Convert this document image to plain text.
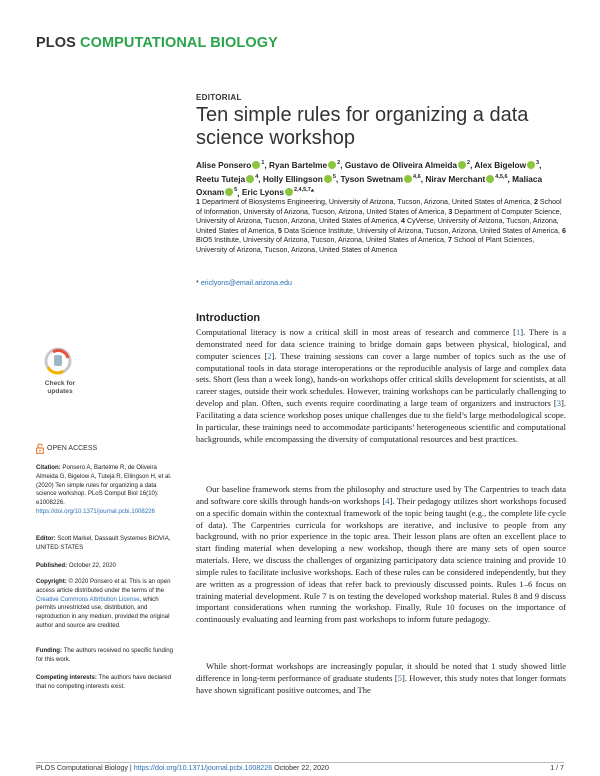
PLOS COMPUTATIONAL BIOLOGY
EDITORIAL
Ten simple rules for organizing a data science workshop
Alise Ponsero $^1$, Ryan Bartelme $^2$, Gustavo de Oliveira Almeida $^2$, Alex Bigelow $^3$, Reetu Tuteja $^4$, Holly Ellingson $^5$, Tyson Swetnam $^{4,6}$, Nirav Merchant $^{4,5,6}$, Maliaca Oxnam $^5$, Eric Lyons $^{2,4,5,7}$*
1 Department of Biosystems Engineering, University of Arizona, Tucson, Arizona, United States of America, 2 School of Information, University of Arizona, Tucson, Arizona, United States of America, 3 Department of Computer Science, University of Arizona, Tucson, Arizona, United States of America, 4 CyVerse, University of Arizona, Tucson, Arizona, United States of America, 5 Data Science Institute, University of Arizona, Tucson, Arizona, United States of America, 6 BIO5 Institute, University of Arizona, Tucson, Arizona, United States of America, 7 School of Plant Sciences, University of Arizona, Tucson, Arizona, United States of America
* ericlyons@email.arizona.edu
Introduction
Computational literacy is now a critical skill in most areas of research and commerce [1]. There is a demonstrated need for data science training to bridge domain gaps between physical, biological, and computer sciences [2]. These training sessions can cover a large number of topics such as the use of computational tools in data storage interoperations or the reproducible analysis of large and complex data sets. Short (less than a week long), hands-on workshops offer critical skills development for scientists, at all career stages, outside their work schedules. However, training workshops can be particularly challenging to develop and plan. Often, such events require coordinating a large team of organizers and instructors [3]. Facilitating a data science workshop poses unique challenges due to the field’s large methodological scope. In particular, these trainings need to accommodate participants’ heterogeneous scientific and computational backgrounds, while encompassing the diversity of computational resources and best practices.
Our baseline framework stems from the philosophy and structure used by The Carpentries to teach data and software core skills through hands-on workshops [4]. Their pedagogy utilizes short workshops focused on a specific domain within the contextual framework of the topic being taught (e.g., the complete life cycle of data). The Carpentries curricula for workshops are iterative, and inclusive to people from any background, with no prior experience in the topic area. Their lesson plans are often an excellent place to start finding material when developing a new workshop, though there are many sets of open source materials. Here, we discuss the challenges of organizing participatory data science training and provide 10 simple rules to facilitate inclusive workshops. Each of these rules can be considered independently, but they are written as a progression of ideas that refer back to previously discussed points. Rules 1–6 focus on training material development. Rule 7 is on testing the developed workshop material. Rules 8 and 9 discuss important considerations when running the workshop. Finally, Rule 10 focuses on the importance of continuously evaluating and learning from past workshops to inform future pedagogy.
While short-format workshops are increasingly popular, it should be noted that 1 study showed little difference in long-term performance of graduate students [5]. However, this study notes that longer formats have shown significant positive outcomes, and The
Check for updates
OPEN ACCESS
Citation: Ponsero A, Bartelme R, de Oliveira Almeida G, Bigelow A, Tuteja R, Ellingson H, et al. (2020) Ten simple rules for organizing a data science workshop. PLoS Comput Biol 16(10): e1008226. https://doi.org/10.1371/journal.pcbi.1008226
Editor: Scott Markel, Dassault Systemes BIOVIA, UNITED STATES
Published: October 22, 2020
Copyright: © 2020 Ponsero et al. This is an open access article distributed under the terms of the Creative Commons Attribution License, which permits unrestricted use, distribution, and reproduction in any medium, provided the original author and source are credited.
Funding: The authors received no specific funding for this work.
Competing interests: The authors have declared that no competing interests exist.
PLOS Computational Biology | https://doi.org/10.1371/journal.pcbi.1008226 October 22, 2020	1 / 7
